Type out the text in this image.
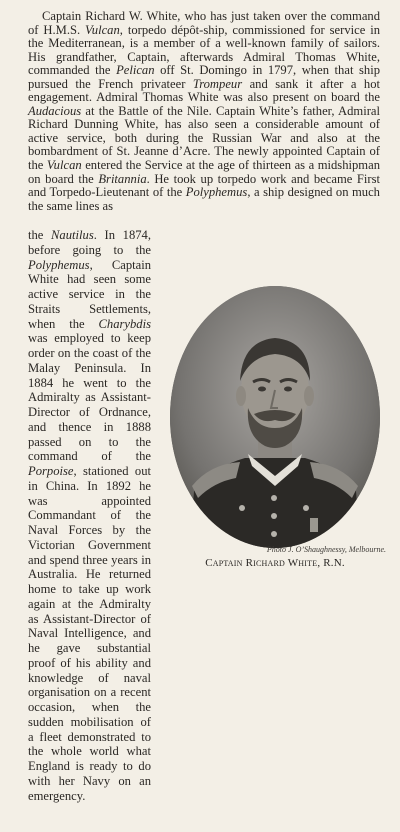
Captain Richard W. White, who has just taken over the command of H.M.S. Vulcan, torpedo dépôt-ship, commissioned for service in the Mediterranean, is a member of a well-known family of sailors. His grandfather, Captain, afterwards Admiral Thomas White, commanded the Pelican off St. Domingo in 1797, when that ship pursued the French privateer Trompeur and sank it after a hot engagement. Admiral Thomas White was also present on board the Audacious at the Battle of the Nile. Captain White’s father, Admiral Richard Dunning White, has also seen a considerable amount of active service, both during the Russian War and also at the bombardment of St. Jeanne d’Acre. The newly appointed Captain of the Vulcan entered the Service at the age of thirteen as a midshipman on board the Britannia. He took up torpedo work and became First and Torpedo-Lieutenant of the Polyphemus, a ship designed on much the same lines as

the Nautilus. In 1874, before going to the Polyphemus, Captain White had seen some active service in the Straits Settlements, when the Charybdis was employed to keep order on the coast of the Malay Peninsula. In 1884 he went to the Admiralty as Assistant-Director of Ordnance, and thence in 1888 passed on to the command of the Porpoise, stationed out in China. In 1892 he was appointed Commandant of the Naval Forces by the Victorian Government and spend three years in Australia. He returned home to take up work again at the Admiralty as Assistant-Director of Naval Intelligence, and he gave substantial proof of his ability and knowledge of naval organisation on a recent occasion, when the sudden mobilisation of a fleet demonstrated to the whole world what England is ready to do with her Navy on an emergency.

Photo J. O’Shaughnessy, Melbourne.
Captain Richard White, R.N.
